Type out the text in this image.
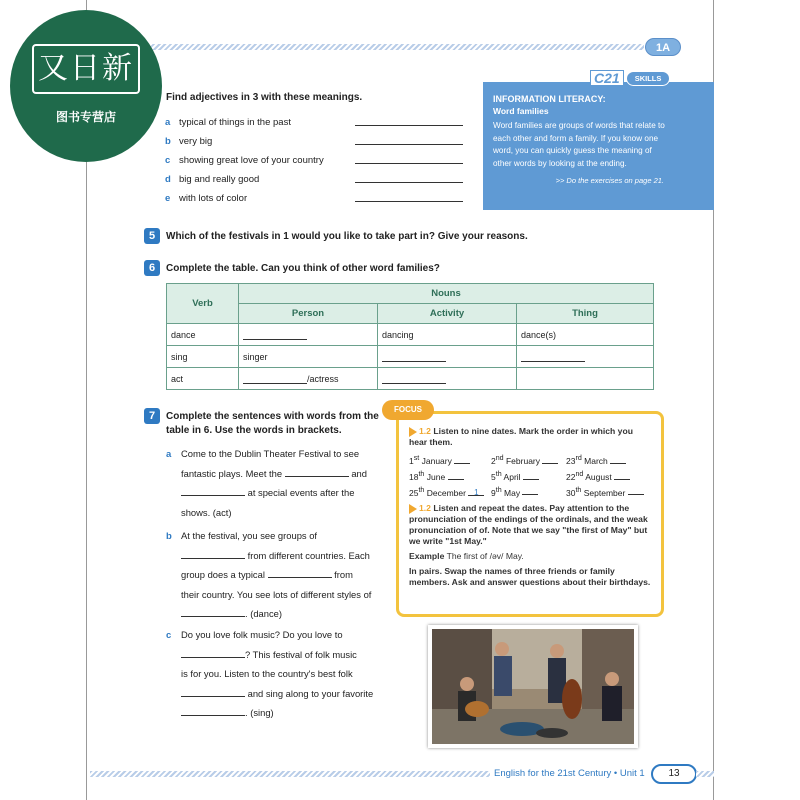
又日新
图书专营店
1A
Find adjectives in 3 with these meanings.
a typical of things in the past
b very big
c showing great love of your country
d big and really good
e with lots of color
C21	SKILLS
INFORMATION LITERACY:
Word families
Word families are groups of words that relate to each other and form a family. If you know one word, you can quickly guess the meaning of other words by looking at the ending.
>> Do the exercises on page 21.
5	Which of the festivals in 1 would you like to take part in? Give your reasons.
6	Complete the table. Can you think of other word families?
Verb	Nouns		
	Person	Activity	Thing
dance		dancing	dance(s)
sing	singer		
act	/actress		
7	Complete the sentences with words from the
table in 6. Use the words in brackets.
a Come to the Dublin Theater Festival to see
fantastic plays. Meet the	and
at special events after the
shows. (act)
b At the festival, you see groups of
from different countries. Each
group does a typical	from
their country. You see lots of different styles of
. (dance)
c Do you love folk music? Do you love to
? This festival of folk music
is for you. Listen to the country's best folk
and sing along to your favorite
. (sing)
FOCUS
1.2 Listen to nine dates. Mark the order in which you hear them.
1st January	2nd February	23rd March
18th June	5th April	22nd August
25th December 1	9th May	30th September
1.2 Listen and repeat the dates. Pay attention to the pronunciation of the endings of the ordinals, and the weak pronunciation of of. Note that we say "the first of May" but we write "1st May."
Example The first of /əv/ May.
In pairs. Swap the names of three friends or family members. Ask and answer questions about their birthdays.
English for the 21st Century • Unit 1	13
